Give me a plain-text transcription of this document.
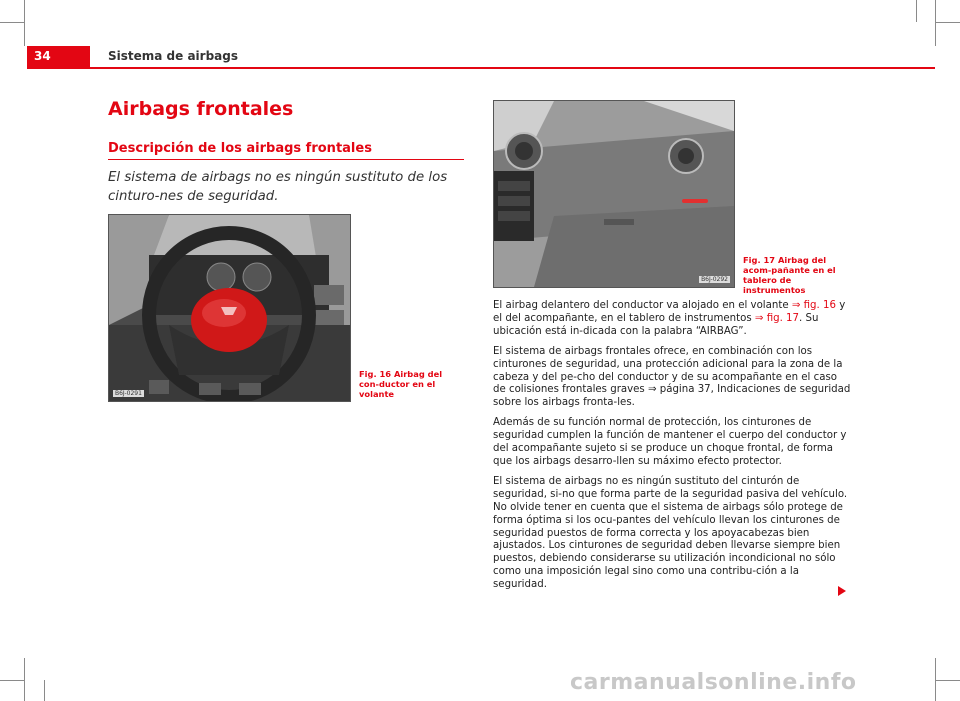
34	Sistema de airbags
Airbags frontales
Descripción de los airbags frontales
El sistema de airbags no es ningún sustituto de los cinturo-nes de seguridad.
B6J-0291
Fig. 16 Airbag del con-ductor en el volante
B6J-0292
Fig. 17 Airbag del acom-pañante en el tablero de instrumentos

El airbag delantero del conductor va alojado en el volante ⇒ fig. 16 y el del acompañante, en el tablero de instrumentos ⇒ fig. 17. Su ubicación está in-dicada con la palabra “AIRBAG”.

El sistema de airbags frontales ofrece, en combinación con los cinturones de seguridad, una protección adicional para la zona de la cabeza y del pe-cho del conductor y de su acompañante en el caso de colisiones frontales graves ⇒ página 37, Indicaciones de seguridad sobre los airbags fronta-les.

Además de su función normal de protección, los cinturones de seguridad cumplen la función de mantener el cuerpo del conductor y del acompañante sujeto si se produce un choque frontal, de forma que los airbags desarro-llen su máximo efecto protector.

El sistema de airbags no es ningún sustituto del cinturón de seguridad, si-no que forma parte de la seguridad pasiva del vehículo. No olvide tener en cuenta que el sistema de airbags sólo protege de forma óptima si los ocu-pantes del vehículo llevan los cinturones de seguridad puestos de forma correcta y los apoyacabezas bien ajustados. Los cinturones de seguridad deben llevarse siempre bien puestos, debiendo considerarse su utilización incondicional no sólo como una imposición legal sino como una contribu-ción a la seguridad.

carmanualsonline.info
